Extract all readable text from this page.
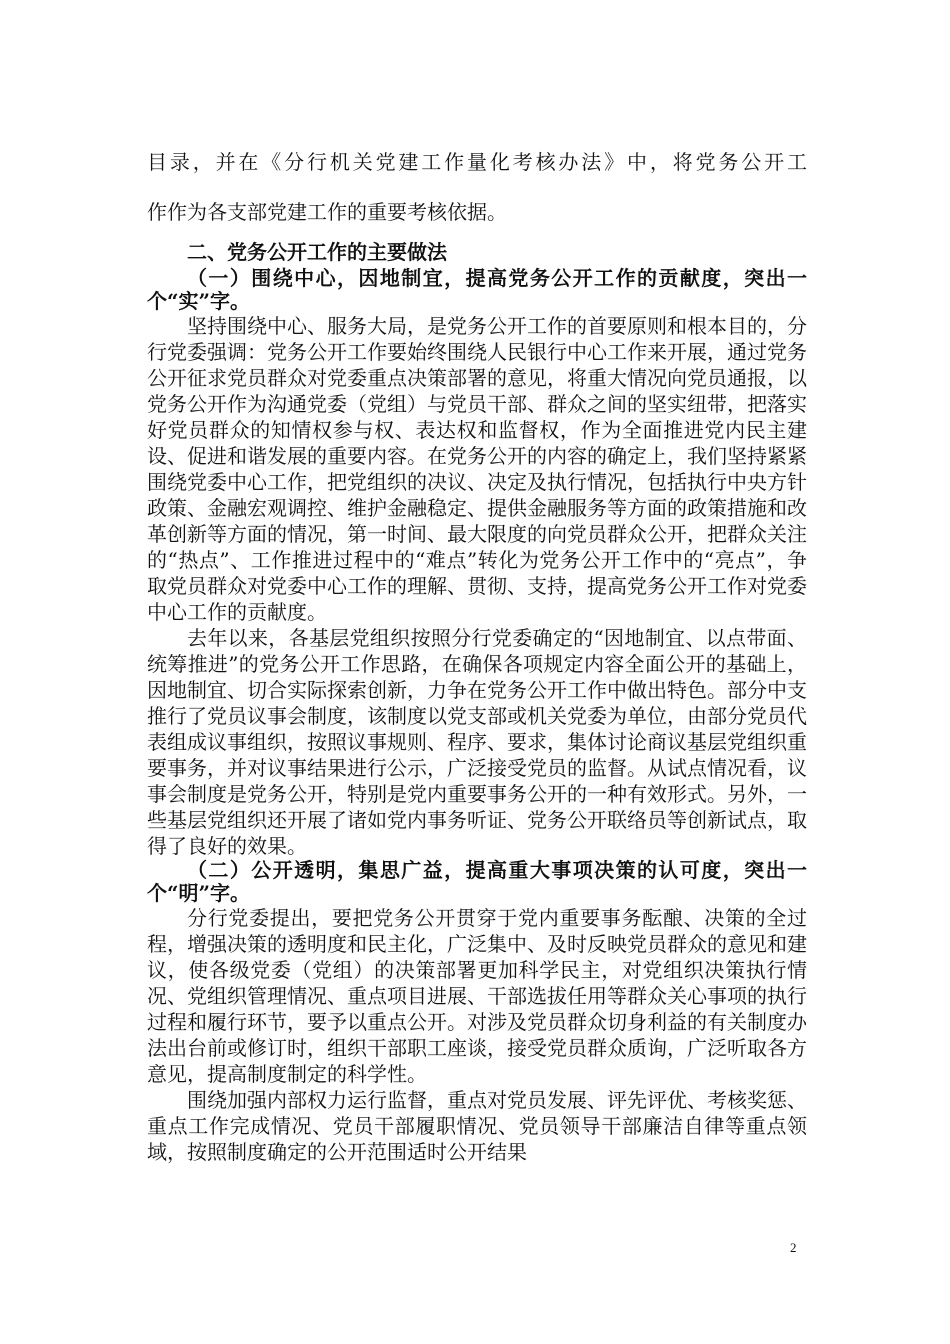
目录，并在《分行机关党建工作量化考核办法》中，将党务公开工

作作为各支部党建工作的重要考核依据。

二、党务公开工作的主要做法

（一）围绕中心，因地制宜，提高党务公开工作的贡献度，突出一个“实”字。

坚持围绕中心、服务大局，是党务公开工作的首要原则和根本目的，分行党委强调：党务公开工作要始终围绕人民银行中心工作来开展，通过党务公开征求党员群众对党委重点决策部署的意见，将重大情况向党员通报，以党务公开作为沟通党委（党组）与党员干部、群众之间的坚实纽带，把落实好党员群众的知情权参与权、表达权和监督权，作为全面推进党内民主建设、促进和谐发展的重要内容。在党务公开的内容的确定上，我们坚持紧紧围绕党委中心工作，把党组织的决议、决定及执行情况，包括执行中央方针政策、金融宏观调控、维护金融稳定、提供金融服务等方面的政策措施和改革创新等方面的情况，第一时间、最大限度的向党员群众公开，把群众关注的“热点”、工作推进过程中的“难点”转化为党务公开工作中的“亮点”，争取党员群众对党委中心工作的理解、贯彻、支持，提高党务公开工作对党委中心工作的贡献度。

去年以来，各基层党组织按照分行党委确定的“因地制宜、以点带面、统筹推进”的党务公开工作思路，在确保各项规定内容全面公开的基础上，因地制宜、切合实际探索创新，力争在党务公开工作中做出特色。部分中支推行了党员议事会制度，该制度以党支部或机关党委为单位，由部分党员代表组成议事组织，按照议事规则、程序、要求，集体讨论商议基层党组织重要事务，并对议事结果进行公示，广泛接受党员的监督。从试点情况看，议事会制度是党务公开，特别是党内重要事务公开的一种有效形式。另外，一些基层党组织还开展了诸如党内事务听证、党务公开联络员等创新试点，取得了良好的效果。

（二）公开透明，集思广益，提高重大事项决策的认可度，突出一个“明”字。

分行党委提出，要把党务公开贯穿于党内重要事务酝酿、决策的全过程，增强决策的透明度和民主化，广泛集中、及时反映党员群众的意见和建议，使各级党委（党组）的决策部署更加科学民主，对党组织决策执行情况、党组织管理情况、重点项目进展、干部选拔任用等群众关心事项的执行过程和履行环节，要予以重点公开。对涉及党员群众切身利益的有关制度办法出台前或修订时，组织干部职工座谈，接受党员群众质询，广泛听取各方意见，提高制度制定的科学性。

围绕加强内部权力运行监督，重点对党员发展、评先评优、考核奖惩、重点工作完成情况、党员干部履职情况、党员领导干部廉洁自律等重点领域，按照制度确定的公开范围适时公开结果

2
